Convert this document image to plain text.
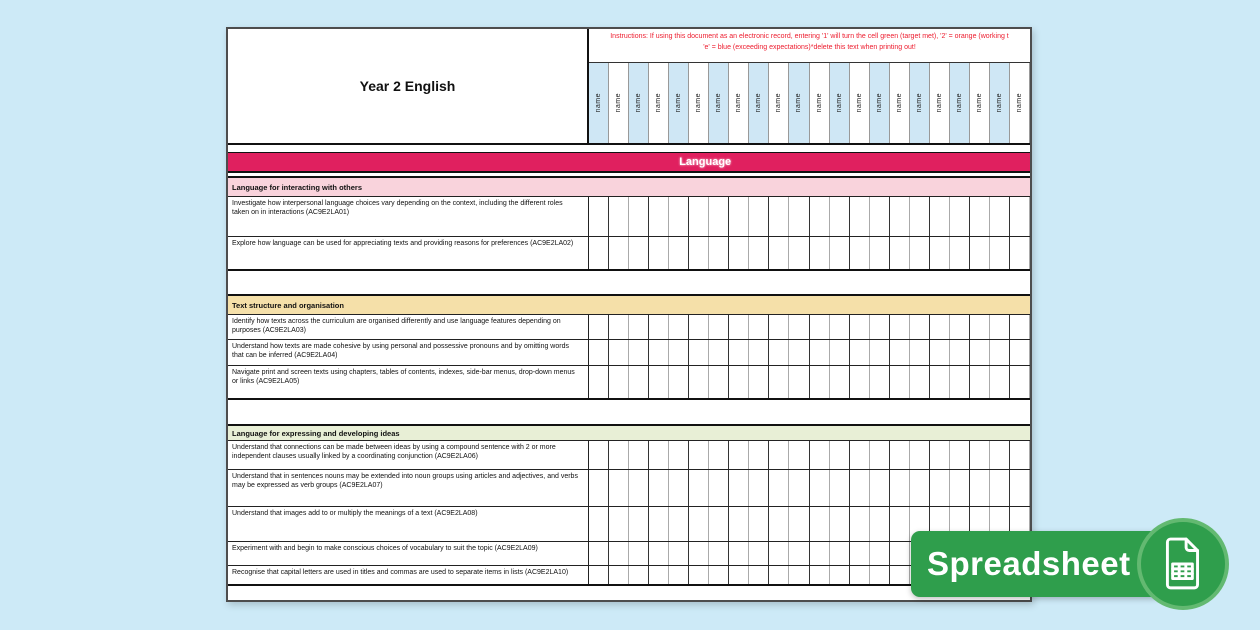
Year 2 English
Instructions: If using this document as an electronic record, entering '1' will turn the cell green (target met), '2' = orange (working t
'e' = blue (exceeding expectations)*delete this text when printing out!
name name name name name name name name name name name name name name name name name name name name name name
Language
Language for interacting with others
Investigate how interpersonal language choices vary depending on the context, including the different roles taken on in interactions (AC9E2LA01)
Explore how language can be used for appreciating texts and providing reasons for preferences (AC9E2LA02)
Text structure and organisation
Identify how texts across the curriculum are organised differently and use language features depending on purposes (AC9E2LA03)
Understand how texts are made cohesive by using personal and possessive pronouns and by omitting words that can be inferred (AC9E2LA04)
Navigate print and screen texts using chapters, tables of contents, indexes, side-bar menus, drop-down menus or links (AC9E2LA05)
Language for expressing and developing ideas
Understand that connections can be made between ideas by using a compound sentence with 2 or more independent clauses usually linked by a coordinating conjunction (AC9E2LA06)
Understand that in sentences nouns may be extended into noun groups using articles and adjectives, and verbs may be expressed as verb groups (AC9E2LA07)
Understand that images add to or multiply the meanings of a text (AC9E2LA08)
Experiment with and begin to make conscious choices of vocabulary to suit the topic (AC9E2LA09)
Recognise that capital letters are used in titles and commas are used to separate items in lists (AC9E2LA10)	Spreadsheet
